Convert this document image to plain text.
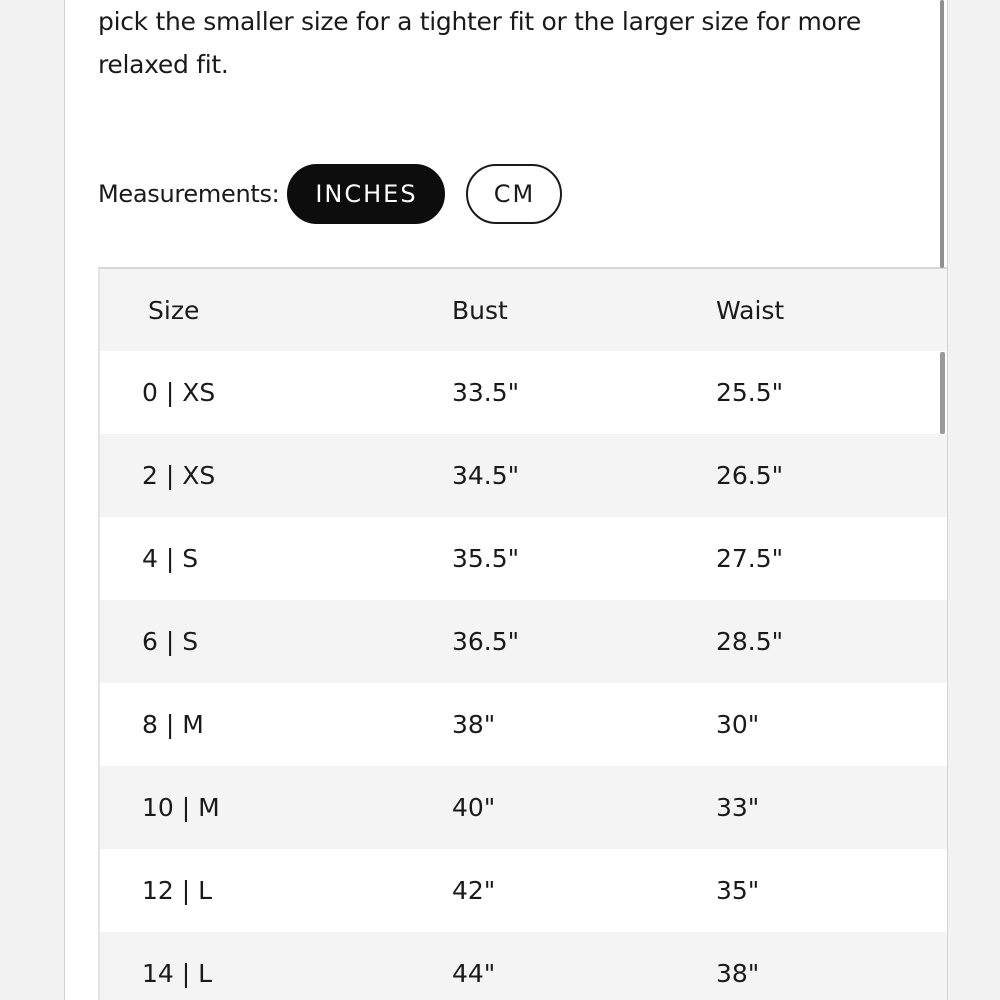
pick the smaller size for a tighter fit or the larger size for more
relaxed fit.

Measurements:	INCHES	CM
Size	Bust	Waist
0 | XS	33.5"	25.5"
2 | XS	34.5"	26.5"
4 | S	35.5"	27.5"
6 | S	36.5"	28.5"
8 | M	38"	30"
10 | M	40"	33"
12 | L	42"	35"
14 | L	44"	38"
